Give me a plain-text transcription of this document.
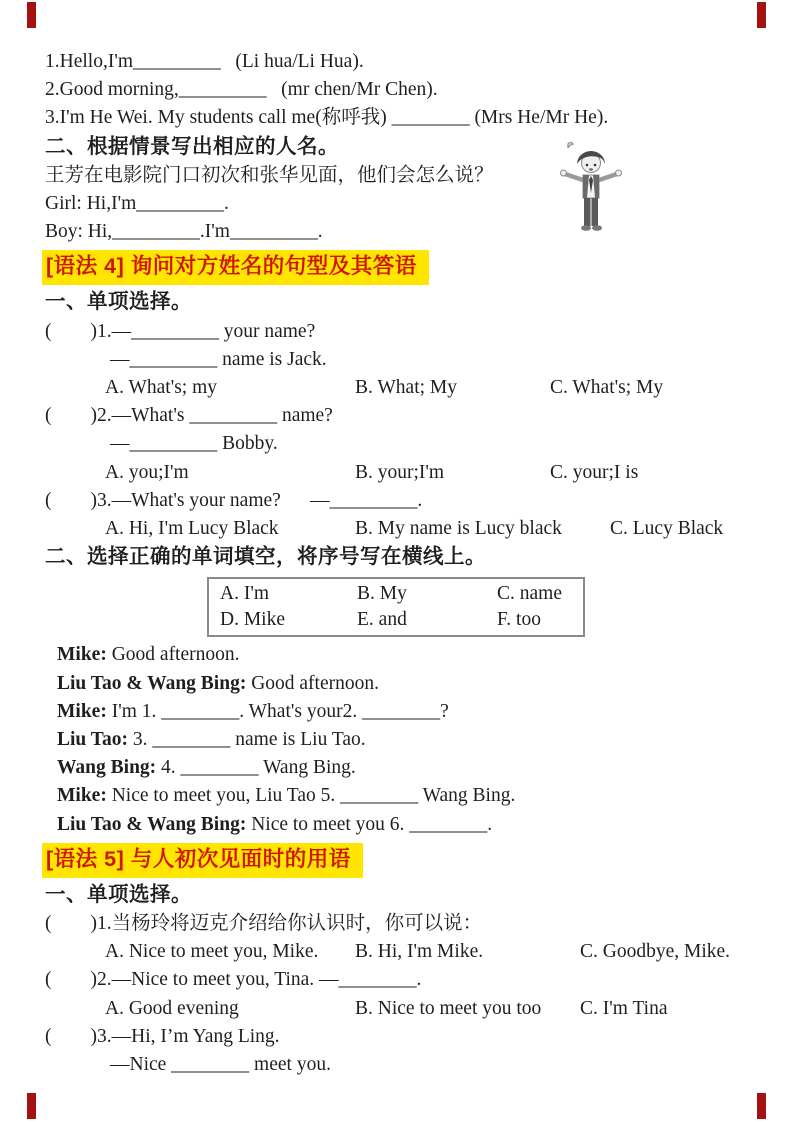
1.Hello,I'm_________   (Li hua/Li Hua).
2.Good morning,_________   (mr chen/Mr Chen).
3.I'm He Wei. My students call me(称呼我) ________ (Mrs He/Mr He).
二、根据情景写出相应的人名。
王芳在电影院门口初次和张华见面，他们会怎么说？
Girl: Hi,I'm_________.
Boy: Hi,_________.I'm_________.
[语法 4] 询问对方姓名的句型及其答语
一、单项选择。
(        )1.—_________ your name?
—_________ name is Jack.
A. What's; my	B. What; My	C. What's; My
(        )2.—What's _________ name?
—_________ Bobby.
A. you;I'm	B. your;I'm	C. your;I is
(        )3.—What's your name?      —_________.
A. Hi, I'm Lucy Black	B. My name is Lucy black	C. Lucy Black
二、选择正确的单词填空，将序号写在横线上。
A. I'm	B. My	C. name
D. Mike	E. and	F. too
Mike: Good afternoon.
Liu Tao & Wang Bing: Good afternoon.
Mike: I'm 1. ________. What's your2. ________?
Liu Tao: 3. ________ name is Liu Tao.
Wang Bing: 4. ________ Wang Bing.
Mike: Nice to meet you, Liu Tao 5. ________ Wang Bing.
Liu Tao & Wang Bing: Nice to meet you 6. ________.
[语法 5] 与人初次见面时的用语
一、单项选择。
(        )1.当杨玲将迈克介绍给你认识时，你可以说：
A. Nice to meet you, Mike.	B. Hi, I'm Mike.	C. Goodbye, Mike.
(        )2.—Nice to meet you, Tina. —________.
A. Good evening	B. Nice to meet you too	C. I'm Tina
(        )3.—Hi, I’m Yang Ling.
—Nice ________ meet you.
